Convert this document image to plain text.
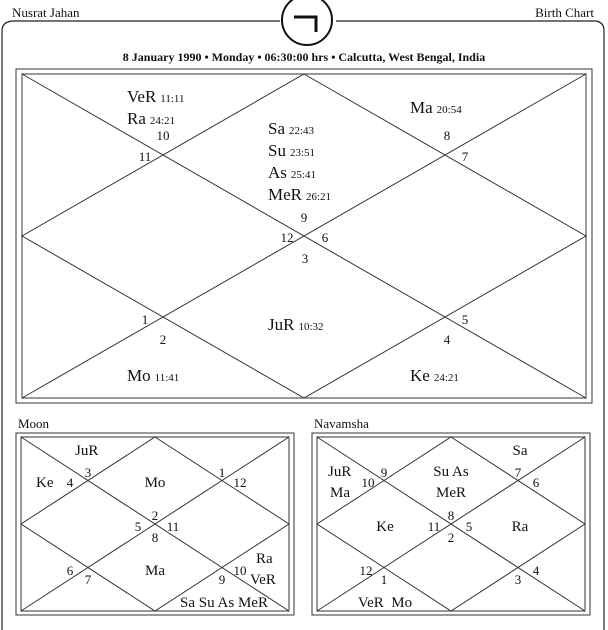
Nusrat Jahan	Birth Chart
8 January 1990 • Monday • 06:30:00 hrs • Calcutta, West Bengal, India
9
12 6
3
10
11
8
7
1
2
5
4
VeR 11:11
Ra 24:21	Sa 22:43
Su 23:51
As 25:41
MeR 26:21
Ma 20:54
JuR 10:32
Mo 11:41	Ke 24:21
Moon
3
4
1
12
2
5 11
8
6
7	9
10
JuR
Ke	Mo
Ma
Ra
VeR
Sa Su As MeR
Navamsha
9
10
7
6
8
11 5
2
12
1	3
4
JuR
Ma
Sa
Su As
MeR
Ke	Ra
VeR  Mo
